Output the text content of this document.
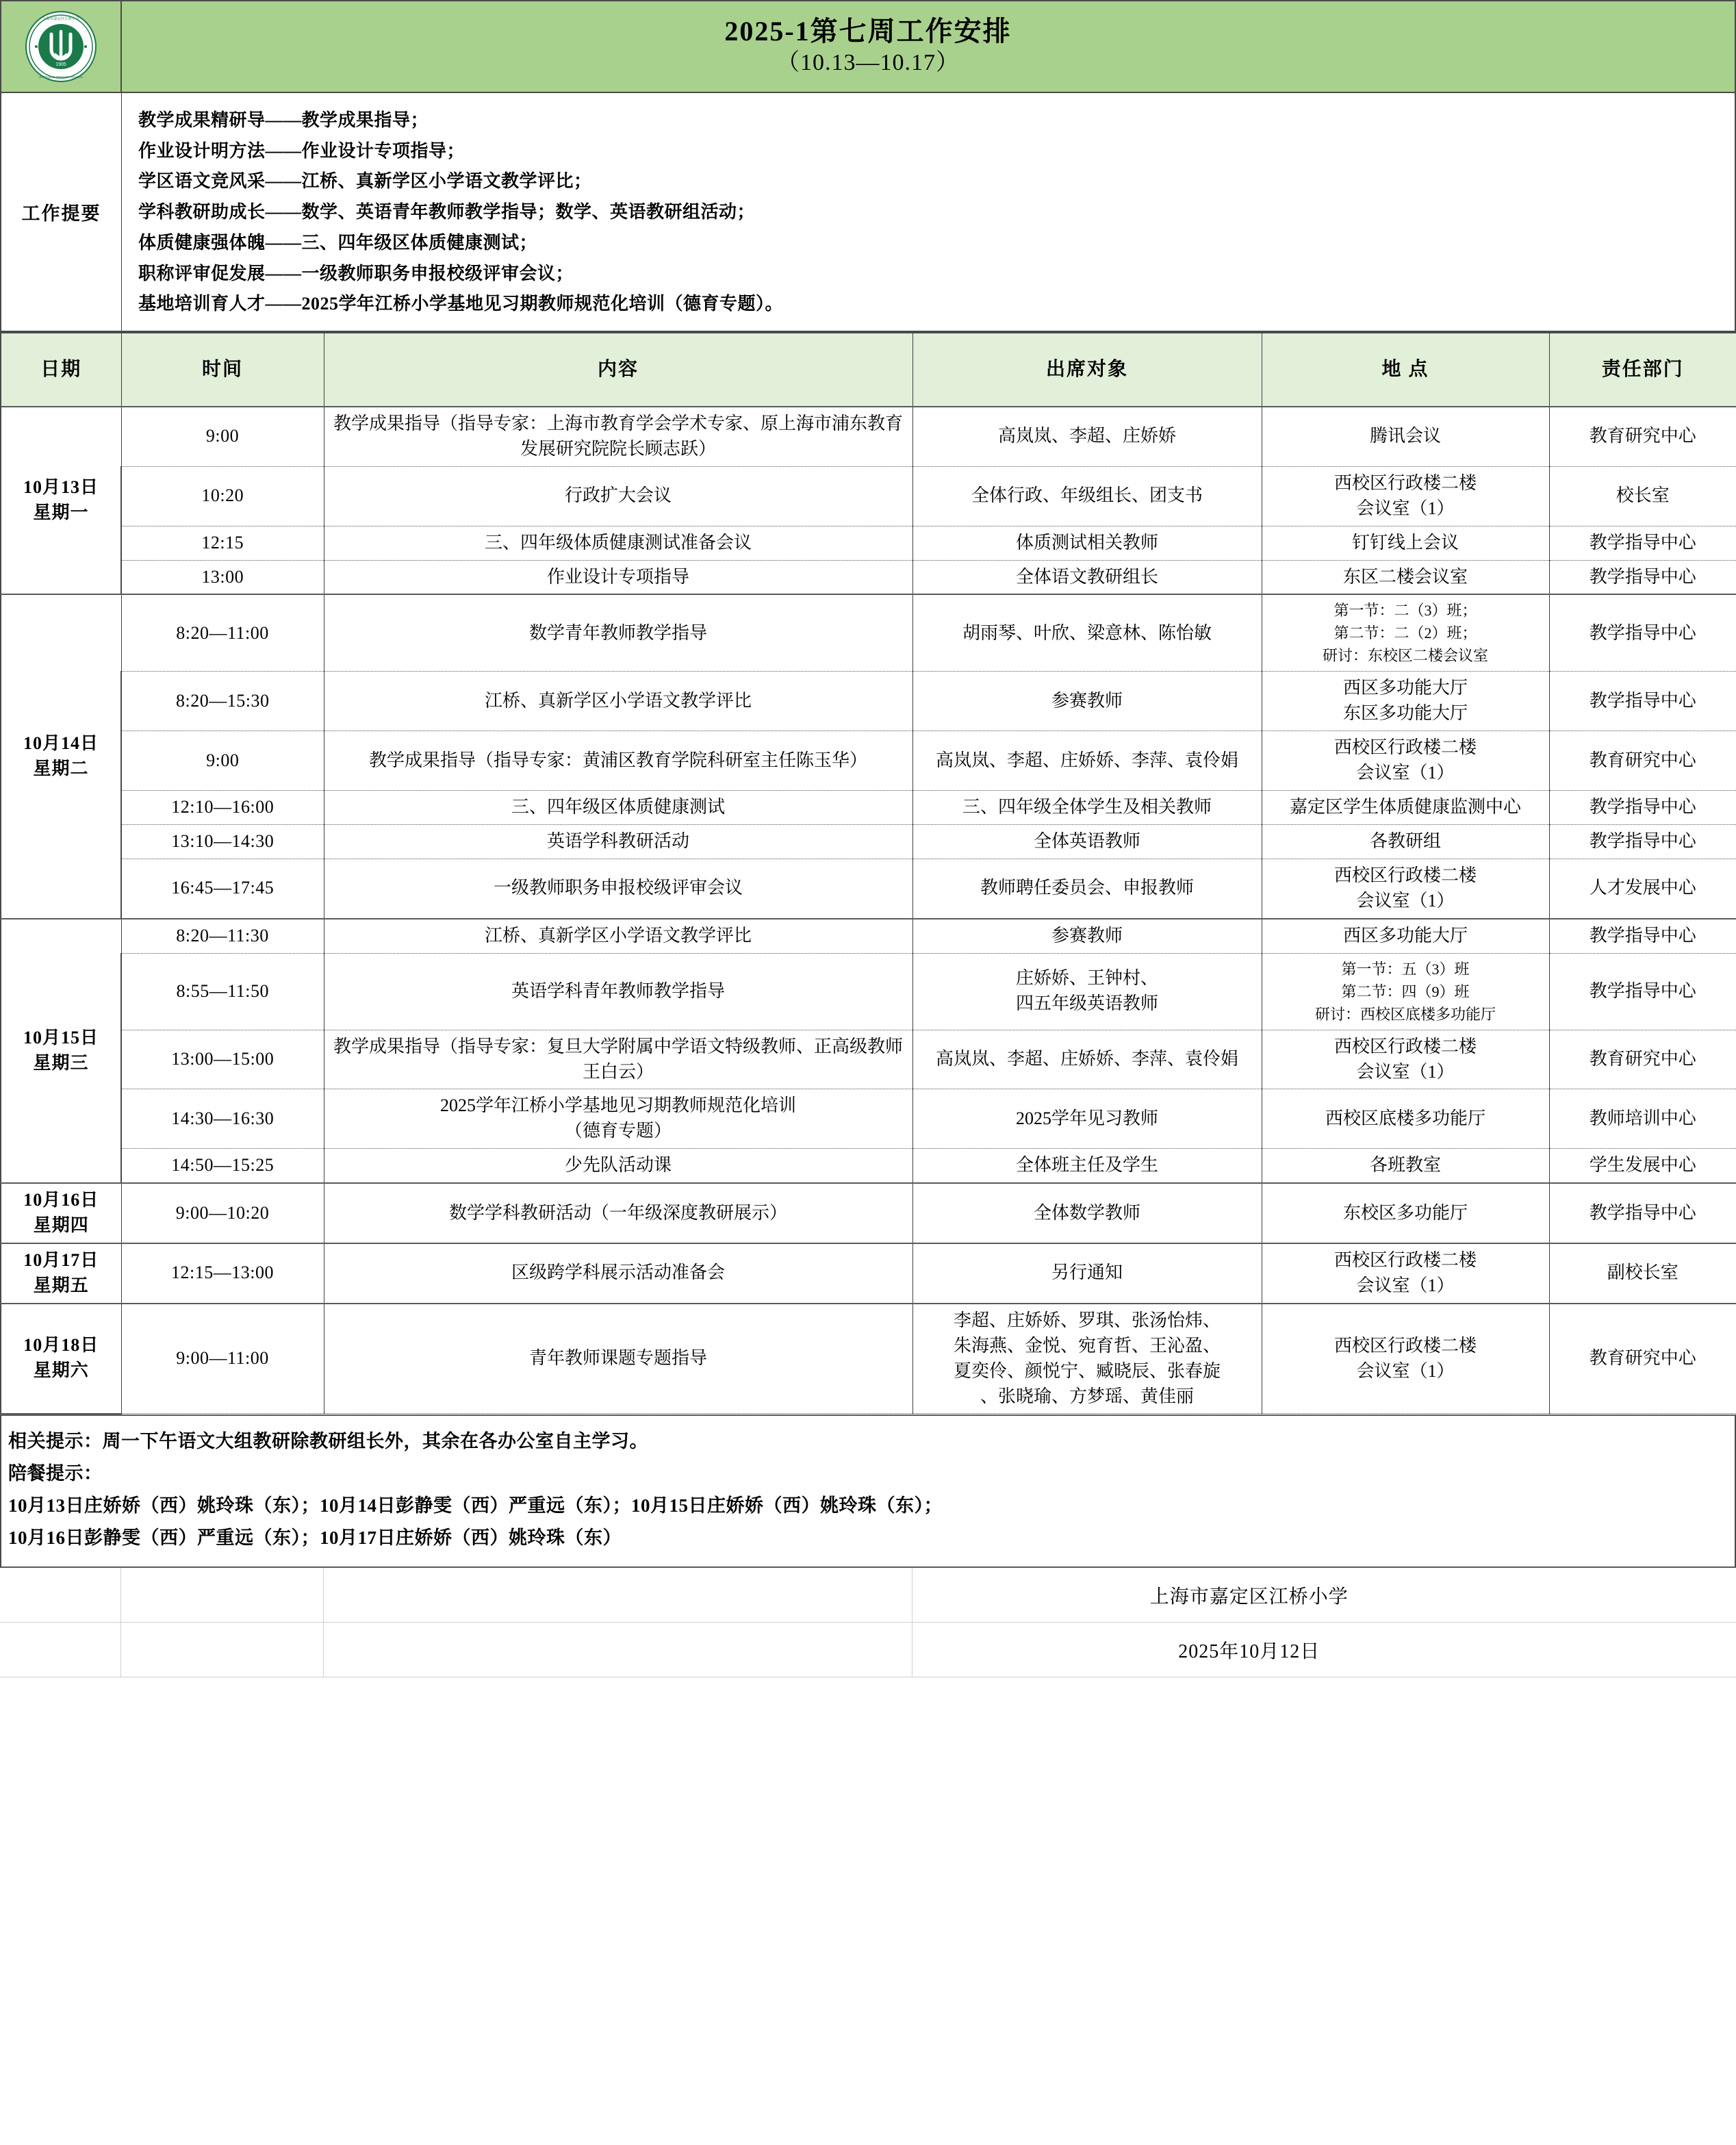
1905
上海市嘉定区江桥小学
JIANGQIAO PRIMARY SCHOOL
2025-1第七周工作安排
（10.13—10.17）
工作提要
教学成果精研导——教学成果指导；
作业设计明方法——作业设计专项指导；
学区语文竞风采——江桥、真新学区小学语文教学评比；
学科教研助成长——数学、英语青年教师教学指导；数学、英语教研组活动；
体质健康强体魄——三、四年级区体质健康测试；
职称评审促发展——一级教师职务申报校级评审会议；
基地培训育人才——2025学年江桥小学基地见习期教师规范化培训（德育专题）。
日期	时间	内容	出席对象	地 点	责任部门

10月13日
星期一	9:00	教学成果指导（指导专家：上海市教育学会学术专家、原上海市浦东教育发展研究院院长顾志跃）	高岚岚、李超、庄娇娇	腾讯会议	教育研究中心
	10:20	行政扩大会议	全体行政、年级组长、团支书	西校区行政楼二楼
会议室（1）	校长室
	12:15	三、四年级体质健康测试准备会议	体质测试相关教师	钉钉线上会议	教学指导中心
	13:00	作业设计专项指导	全体语文教研组长	东区二楼会议室	教学指导中心

10月14日
星期二	8:20—11:00	数学青年教师教学指导	胡雨琴、叶欣、梁意林、陈怡敏	第一节：二（3）班；
第二节：二（2）班；
研讨：东校区二楼会议室	教学指导中心
	8:20—15:30	江桥、真新学区小学语文教学评比	参赛教师	西区多功能大厅
东区多功能大厅	教学指导中心
	9:00	教学成果指导（指导专家：黄浦区教育学院科研室主任陈玉华）	高岚岚、李超、庄娇娇、李萍、袁伶娟	西校区行政楼二楼
会议室（1）	教育研究中心
	12:10—16:00	三、四年级区体质健康测试	三、四年级全体学生及相关教师	嘉定区学生体质健康监测中心	教学指导中心
	13:10—14:30	英语学科教研活动	全体英语教师	各教研组	教学指导中心
	16:45—17:45	一级教师职务申报校级评审会议	教师聘任委员会、申报教师	西校区行政楼二楼
会议室（1）	人才发展中心

10月15日
星期三	8:20—11:30	江桥、真新学区小学语文教学评比	参赛教师	西区多功能大厅	教学指导中心
	8:55—11:50	英语学科青年教师教学指导	庄娇娇、王钟村、
四五年级英语教师	第一节：五（3）班
第二节：四（9）班
研讨：西校区底楼多功能厅	教学指导中心
	13:00—15:00	教学成果指导（指导专家：复旦大学附属中学语文特级教师、正高级教师王白云）	高岚岚、李超、庄娇娇、李萍、袁伶娟	西校区行政楼二楼
会议室（1）	教育研究中心
	14:30—16:30	2025学年江桥小学基地见习期教师规范化培训
（德育专题）	2025学年见习教师	西校区底楼多功能厅	教师培训中心
	14:50—15:25	少先队活动课	全体班主任及学生	各班教室	学生发展中心

10月16日
星期四	9:00—10:20	数学学科教研活动（一年级深度教研展示）	全体数学教师	东校区多功能厅	教学指导中心

10月17日
星期五	12:15—13:00	区级跨学科展示活动准备会	另行通知	西校区行政楼二楼
会议室（1）	副校长室

10月18日
星期六	9:00—11:00	青年教师课题专题指导	李超、庄娇娇、罗琪、张汤怡炜、
朱海燕、金悦、宛育哲、王沁盈、
夏奕伶、颜悦宁、臧晓辰、张春旋
、张晓瑜、方梦瑶、黄佳丽	西校区行政楼二楼
会议室（1）	教育研究中心
相关提示：周一下午语文大组教研除教研组长外，其余在各办公室自主学习。
陪餐提示：
10月13日庄娇娇（西）姚玲珠（东）；10月14日彭静雯（西）严重远（东）；10月15日庄娇娇（西）姚玲珠（东）；
10月16日彭静雯（西）严重远（东）；10月17日庄娇娇（西）姚玲珠（东）
			上海市嘉定区江桥小学
			2025年10月12日
